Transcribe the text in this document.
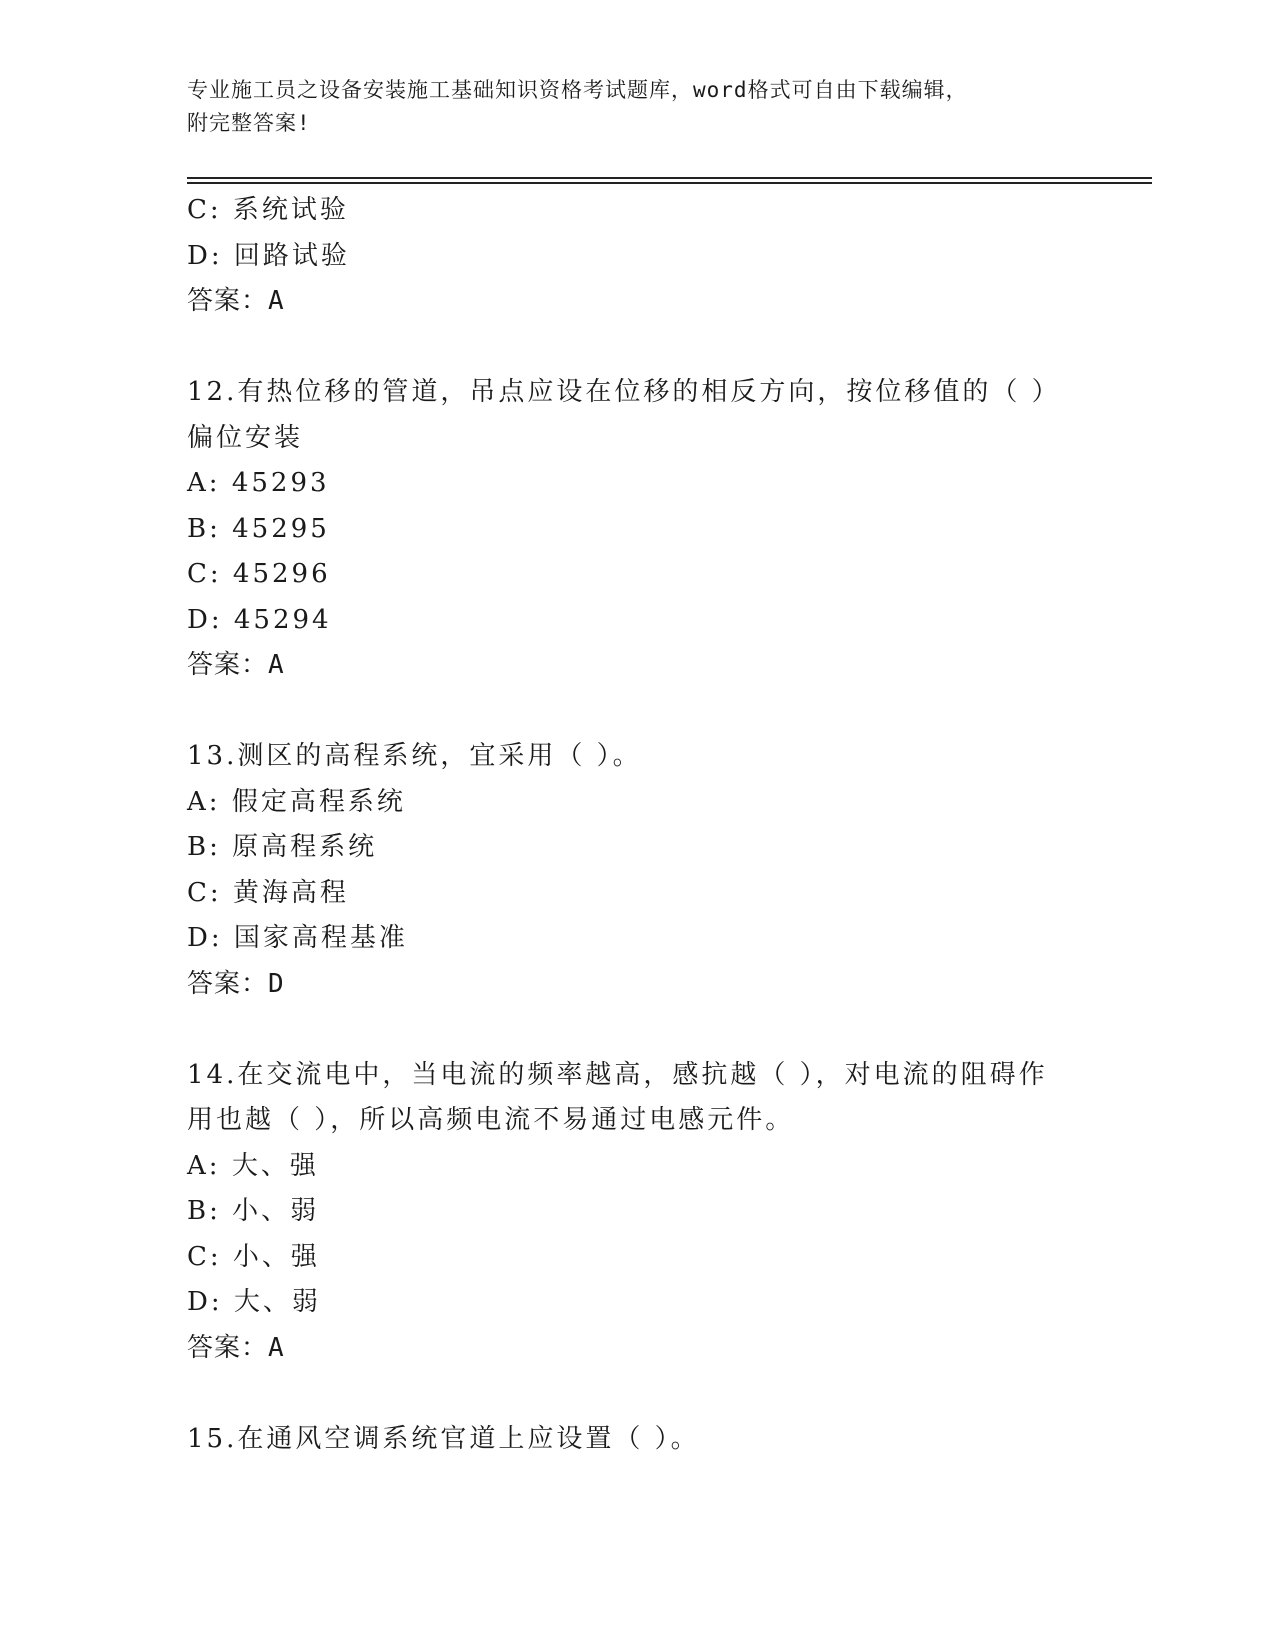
专业施工员之设备安装施工基础知识资格考试题库，word格式可自由下载编辑，
附完整答案!
C: 系统试验
D: 回路试验
答案：A
12.有热位移的管道，吊点应设在位移的相反方向，按位移值的（ ）
偏位安装
A: 45293
B: 45295
C: 45296
D: 45294
答案：A
13.测区的高程系统，宜采用（ ）。
A: 假定高程系统
B: 原高程系统
C: 黄海高程
D: 国家高程基准
答案：D
14.在交流电中，当电流的频率越高，感抗越（ ），对电流的阻碍作
用也越（ ），所以高频电流不易通过电感元件。
A: 大、强
B: 小、弱
C: 小、强
D: 大、弱
答案：A
15.在通风空调系统官道上应设置（ ）。
